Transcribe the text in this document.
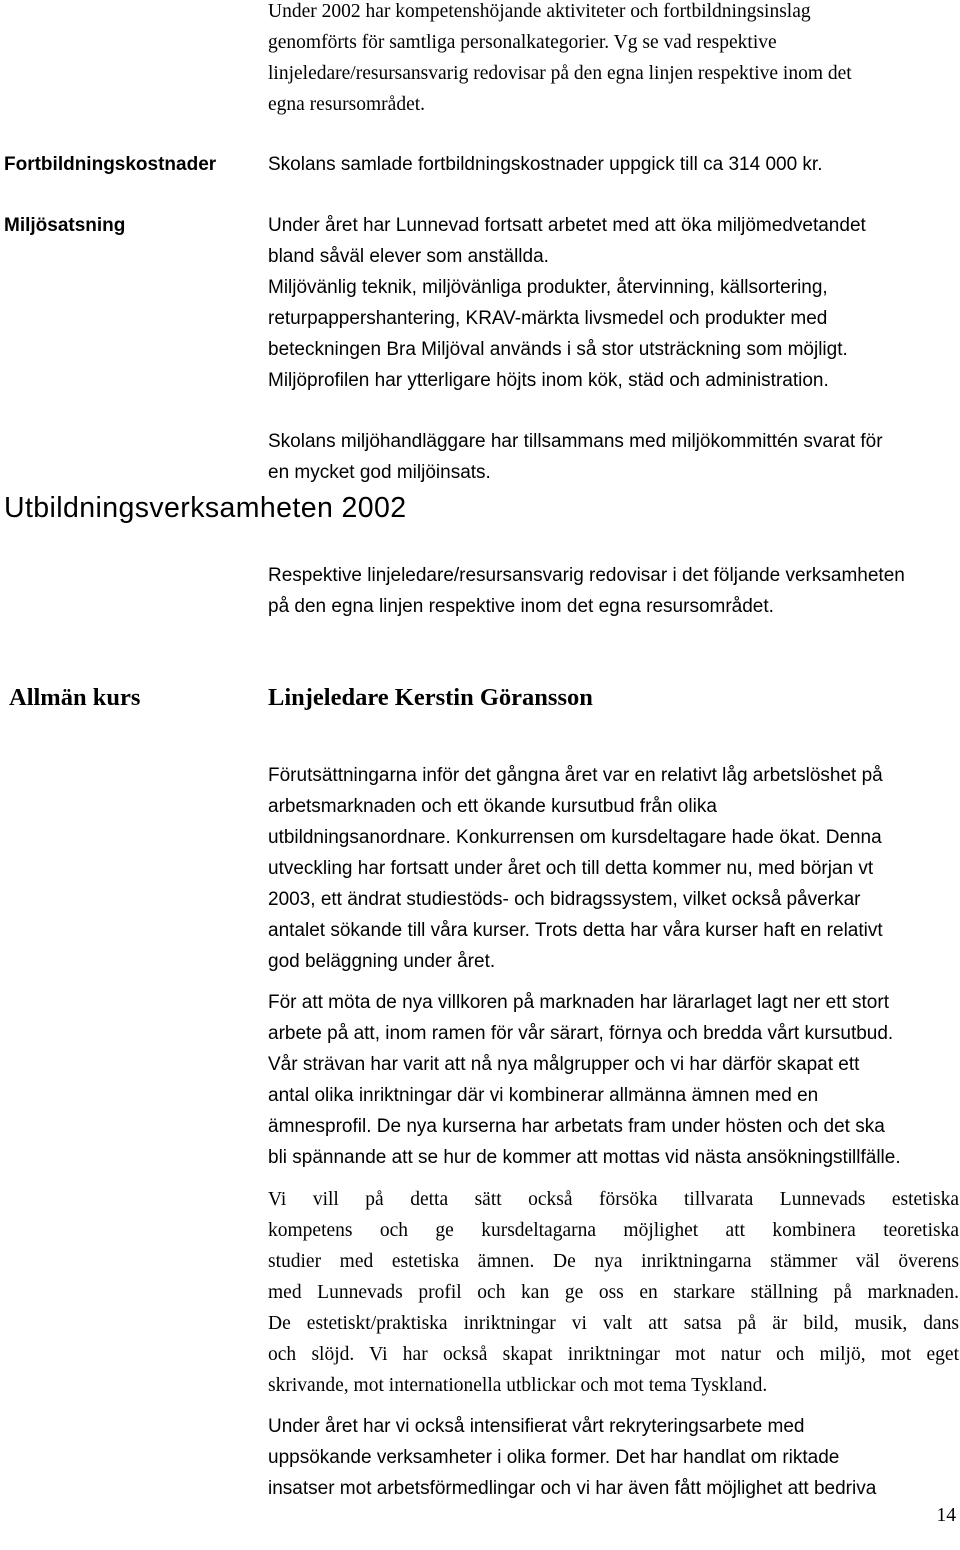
Under 2002 har kompetenshöjande aktiviteter och fortbildningsinslag

genomförts för samtliga personalkategorier. Vg se vad respektive

linjeledare/resursansvarig redovisar på den egna linjen respektive inom det

egna resursområdet.

Fortbildningskostnader	Skolans samlade fortbildningskostnader uppgick till ca 314 000 kr.

Miljösatsning	Under året har Lunnevad fortsatt arbetet med att öka miljömedvetandet

bland såväl elever som anställda.

Miljövänlig teknik, miljövänliga produkter, återvinning, källsortering,

returpappershantering, KRAV-märkta livsmedel och produkter med

beteckningen Bra Miljöval används i så stor utsträckning som möjligt.

Miljöprofilen har ytterligare höjts inom kök, städ och administration.

Skolans miljöhandläggare har tillsammans med miljökommittén svarat för

en mycket god miljöinsats.

Utbildningsverksamheten 2002

Respektive linjeledare/resursansvarig redovisar i det följande verksamheten

på den egna linjen respektive inom det egna resursområdet.

Allmän kurs	Linjeledare Kerstin Göransson

Förutsättningarna inför det gångna året var en relativt låg arbetslöshet på

arbetsmarknaden och ett ökande kursutbud från olika

utbildningsanordnare. Konkurrensen om kursdeltagare hade ökat. Denna

utveckling har fortsatt under året och till detta kommer nu, med början vt

2003, ett ändrat studiestöds- och bidragssystem, vilket också påverkar

antalet sökande till våra kurser. Trots detta har våra kurser haft en relativt

god beläggning under året.

För att möta de nya villkoren på marknaden har lärarlaget lagt ner ett stort

arbete på att, inom ramen för vår särart, förnya och bredda vårt kursutbud.

Vår strävan har varit att nå nya målgrupper och vi har därför skapat ett

antal olika inriktningar där vi kombinerar allmänna ämnen med en

ämnesprofil. De nya kurserna har arbetats fram under hösten och det ska

bli spännande att se hur de kommer att mottas vid nästa ansökningstillfälle.

Vi vill på detta sätt också försöka tillvarata Lunnevads estetiska
kompetens och ge kursdeltagarna möjlighet att kombinera teoretiska
studier med estetiska ämnen. De nya inriktningarna stämmer väl överens
med Lunnevads profil och kan ge oss en starkare ställning på marknaden.
De estetiskt/praktiska inriktningar vi valt att satsa på är bild, musik, dans
och slöjd. Vi har också skapat inriktningar mot natur och miljö, mot eget
skrivande, mot internationella utblickar och mot tema Tyskland.

Under året har vi också intensifierat vårt rekryteringsarbete med

uppsökande verksamheter i olika former. Det har handlat om riktade

insatser mot arbetsförmedlingar och vi har även fått möjlighet att bedriva

14
